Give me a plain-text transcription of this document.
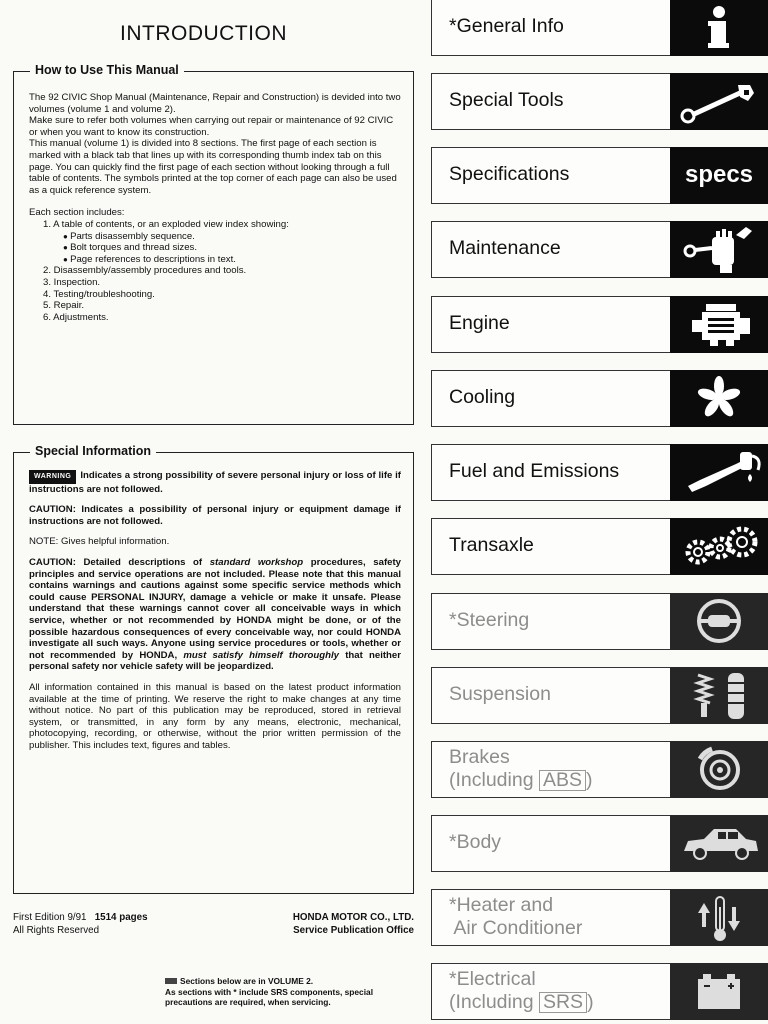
INTRODUCTION
How to Use This Manual
The 92 CIVIC Shop Manual (Maintenance, Repair and Construction) is devided into two volumes (volume 1 and volume 2).
Make sure to refer both volumes when carrying out repair or maintenance of 92 CIVIC or when you want to know its construction.
This manual (volume 1) is divided into 8 sections. The first page of each section is marked with a black tab that lines up with its corresponding thumb index tab on this page. You can quickly find the first page of each section without looking through a full table of contents. The symbols printed at the top corner of each page can also be used as a quick reference system.
Each section includes:
1. A table of contents, or an exploded view index showing:
● Parts disassembly sequence.
● Bolt torques and thread sizes.
● Page references to descriptions in text.
2. Disassembly/assembly procedures and tools.
3. Inspection.
4. Testing/troubleshooting.
5. Repair.
6. Adjustments.
Special Information

WARNING Indicates a strong possibility of severe personal injury or loss of life if instructions are not followed.

CAUTION: Indicates a possibility of personal injury or equipment damage if instructions are not followed.

NOTE: Gives helpful information.

CAUTION: Detailed descriptions of standard workshop procedures, safety principles and service operations are not included. Please note that this manual contains warnings and cautions against some specific service methods which could cause PERSONAL INJURY, damage a vehicle or make it unsafe. Please understand that these warnings cannot cover all conceivable ways in which service, whether or not recommended by HONDA might be done, or of the possible hazardous consequences of every conceivable way, nor could HONDA investigate all such ways. Anyone using service procedures or tools, whether or not recommended by HONDA, must satisfy himself thoroughly that neither personal safety nor vehicle safety will be jeopardized.

All information contained in this manual is based on the latest product information available at the time of printing. We reserve the right to make changes at any time without notice. No part of this publication may be reproduced, stored in retrieval system, or transmitted, in any form by any means, electronic, mechanical, photocopying, recording, or otherwise, without the prior written permission of the publisher. This includes text, figures and tables.

First Edition 9/91 1514 pages
All Rights Reserved
HONDA MOTOR CO., LTD.
Service Publication Office
Sections below are in VOLUME 2.
As sections with * include SRS components, special precautions are required, when servicing.
*General Info
Special Tools
Specifications	specs
Maintenance
Engine
Cooling
Fuel and Emissions
Transaxle
*Steering
Suspension
Brakes
(Including ABS )
*Body
*Heater and
Air Conditioner
*Electrical
(Including SRS )
